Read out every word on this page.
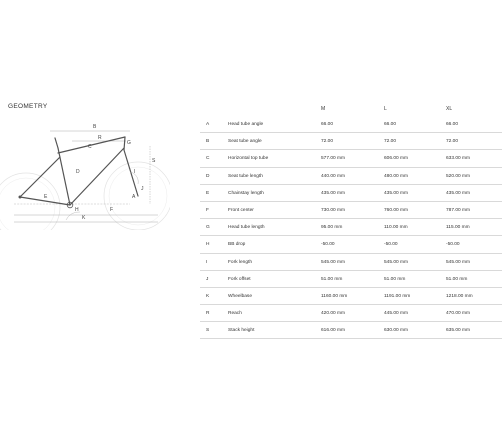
GEOMETRY
B
R
C
G
D
S
I
J
A
E
H	F
K
M	L	XL
A	Head tube angle	66.00	66.00	66.00
B	Seat tube angle	72.00	72.00	72.00
C	Horizontal top tube	577.00 mm	606.00 mm	633.00 mm
D	Seat tube length	440.00 mm	480.00 mm	520.00 mm
E	Chainstay length	435.00 mm	435.00 mm	435.00 mm
F	Front center	730.00 mm	760.00 mm	787.00 mm
G	Head tube length	95.00 mm	110.00 mm	115.00 mm
H	BB drop	-50.00	-50.00	-50.00
I	Fork length	545.00 mm	545.00 mm	545.00 mm
J	Fork offset	51.00 mm	51.00 mm	51.00 mm
K	Wheelbase	1160.00 mm	1191.00 mm	1218.00 mm
R	Reach	420.00 mm	445.00 mm	470.00 mm
S	Stack height	616.00 mm	630.00 mm	635.00 mm
